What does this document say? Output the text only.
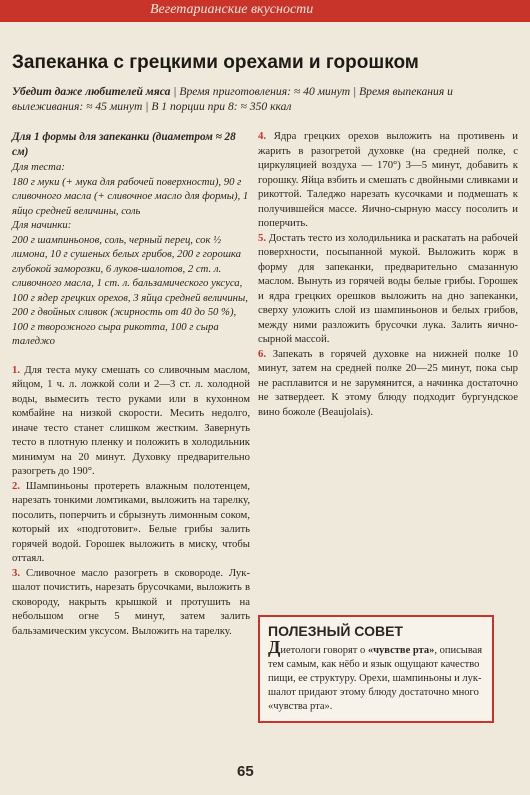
Вегетарианские вкусности
Запеканка с грецкими орехами и горошком
Убедит даже любителей мяса | Время приготовления: ≈ 40 минут | Время выпекания и вылеживания: ≈ 45 минут | В 1 порции при 8: ≈ 350 ккал
Для 1 формы для запеканки (диаметром ≈ 28 см)
Для теста:
180 г муки (+ мука для рабочей поверхности), 90 г сливочного масла (+ сливочное масло для формы), 1 яйцо средней величины, соль
Для начинки:
200 г шампиньонов, соль, черный перец, сок ½ лимона, 10 г сушеных белых грибов, 200 г горошка глубокой заморозки, 6 луков-шалотов, 2 ст. л. сливочного масла, 1 ст. л. бальзамического уксуса, 100 г ядер грецких орехов, 3 яйца средней величины, 200 г двойных сливок (жирность от 40 до 50 %), 100 г творожного сыра рикотта, 100 г сыра таледжо

1. Для теста муку смешать со сливочным маслом, яйцом, 1 ч. л. ложкой соли и 2—3 ст. л. холодной воды, вымесить тесто руками или в кухонном комбайне на низкой скорости. Месить недолго, иначе тесто станет слишком жестким. Завернуть тесто в плотную пленку и положить в холодильник минимум на 20 минут. Духовку предварительно разогреть до 190°.

2. Шампиньоны протереть влажным полотенцем, нарезать тонкими ломтиками, выложить на тарелку, посолить, поперчить и сбрызнуть лимонным соком, который их «подготовит». Белые грибы залить горячей водой. Горошек выложить в миску, чтобы оттаял.

3. Сливочное масло разогреть в сковороде. Лук-шалот почистить, нарезать брусочками, выложить в сковороду, накрыть крышкой и протушить на небольшом огне 5 минут, затем залить бальзамическим уксусом. Выложить на тарелку.

4. Ядра грецких орехов выложить на противень и жарить в разогретой духовке (на средней полке, с циркуляцией воздуха — 170°) 3—5 минут, добавить к горошку. Яйца взбить и смешать с двойными сливками и рикоттой. Таледжо нарезать кусочками и подмешать к получившейся массе. Яично-сырную массу посолить и поперчить.

5. Достать тесто из холодильника и раскатать на рабочей поверхности, посыпанной мукой. Выложить корж в форму для запеканки, предварительно смазанную маслом. Вынуть из горячей воды белые грибы. Горошек и ядра грецких орешков выложить на дно запеканки, сверху уложить слой из шампиньонов и белых грибов, между ними разложить брусочки лука. Залить яично-сырной массой.

6. Запекать в горячей духовке на нижней полке 10 минут, затем на средней полке 20—25 минут, пока сыр не расплавится и не зарумянится, а начинка достаточно не затвердеет. К этому блюду подходит бургундское вино божоле (Beaujolais).

ПОЛЕЗНЫЙ СОВЕТ
Диетологи говорят о «чувстве рта», описывая тем самым, как нёбо и язык ощущают качество пищи, ее структуру. Орехи, шампиньоны и лук-шалот придают этому блюду достаточно много «чувства рта».
65
